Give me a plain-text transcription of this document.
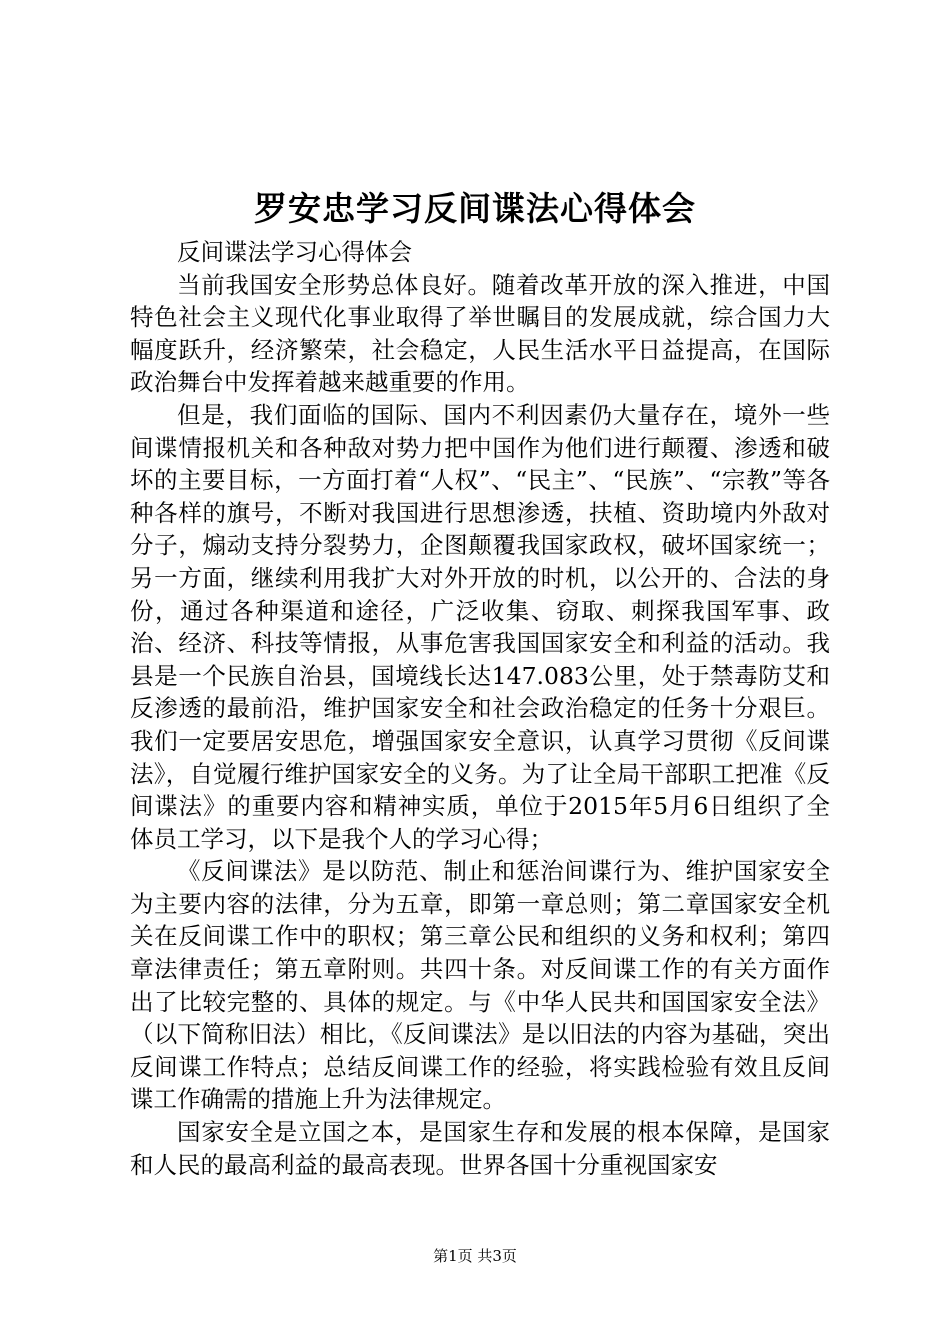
罗安忠学习反间谍法心得体会

反间谍法学习心得体会

当前我国安全形势总体良好。随着改革开放的深入推进，中国特色社会主义现代化事业取得了举世瞩目的发展成就，综合国力大幅度跃升，经济繁荣，社会稳定，人民生活水平日益提高，在国际政治舞台中发挥着越来越重要的作用。

但是，我们面临的国际、国内不利因素仍大量存在，境外一些间谍情报机关和各种敌对势力把中国作为他们进行颠覆、渗透和破坏的主要目标，一方面打着“人权”、“民主”、“民族”、“宗教”等各种各样的旗号，不断对我国进行思想渗透，扶植、资助境内外敌对分子，煽动支持分裂势力，企图颠覆我国家政权，破坏国家统一；另一方面，继续利用我扩大对外开放的时机，以公开的、合法的身份，通过各种渠道和途径，广泛收集、窃取、刺探我国军事、政治、经济、科技等情报，从事危害我国国家安全和利益的活动。我县是一个民族自治县，国境线长达147.083公里，处于禁毒防艾和反渗透的最前沿，维护国家安全和社会政治稳定的任务十分艰巨。我们一定要居安思危，增强国家安全意识，认真学习贯彻《反间谍法》，自觉履行维护国家安全的义务。为了让全局干部职工把准《反间谍法》的重要内容和精神实质，单位于2015年5月6日组织了全体员工学习，以下是我个人的学习心得；

《反间谍法》是以防范、制止和惩治间谍行为、维护国家安全为主要内容的法律，分为五章，即第一章总则；第二章国家安全机关在反间谍工作中的职权；第三章公民和组织的义务和权利；第四章法律责任；第五章附则。共四十条。对反间谍工作的有关方面作出了比较完整的、具体的规定。与《中华人民共和国国家安全法》（以下简称旧法）相比，《反间谍法》是以旧法的内容为基础，突出反间谍工作特点；总结反间谍工作的经验，将实践检验有效且反间谍工作确需的措施上升为法律规定。

国家安全是立国之本，是国家生存和发展的根本保障，是国家和人民的最高利益的最高表现。世界各国十分重视国家安

第1页 共3页
